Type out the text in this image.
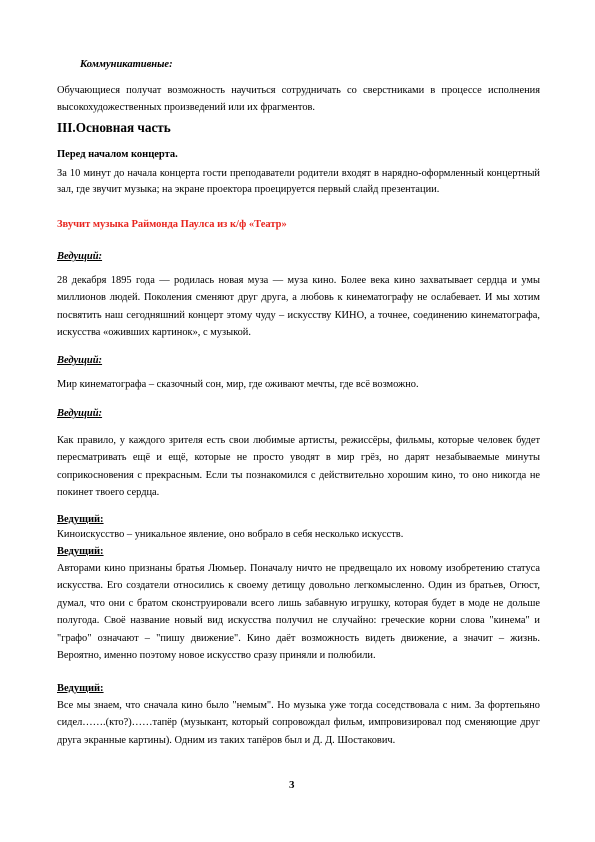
Коммуникативные:

Обучающиеся получат возможность научиться сотрудничать со сверстниками в процессе исполнения высокохудожественных произведений или их фрагментов.

III.Основная часть

Перед началом концерта.

За 10 минут до начала концерта гости преподаватели родители входят в нарядно-оформленный концертный зал, где звучит музыка; на экране проектора проецируется первый слайд презентации.

Звучит музыка Раймонда Паулса из к/ф «Театр»

Ведущий:

28 декабря 1895 года — родилась новая муза — муза кино. Более века кино захватывает сердца и умы миллионов людей. Поколения сменяют друг друга, а любовь к кинематографу не ослабевает. И мы хотим посвятить наш сегодняшний концерт этому чуду – искусству КИНО, а точнее, соединению кинематографа, искусства «ожившиx картинок», с музыкой.

Ведущий:

Мир кинематографа – сказочный сон, мир, где оживают мечты, где всё возможно.

Ведущий:

Как правило, у каждого зрителя есть свои любимые артисты, режиссёры, фильмы, которые человек будет пересматривать ещё и ещё, которые не просто уводят в мир грёз, но дарят незабываемые минуты соприкосновения с прекрасным. Если ты познакомился с действительно хорошим кино, то оно никогда не покинет твоего сердца.

Ведущий:

Киноискусство – уникальное явление, оно вобрало в себя несколько искусств.

Ведущий:

Авторами кино признаны братья Люмьер. Поначалу ничто не предвещало их новому изобретению статуса искусства. Его создатели относились к своему детищу довольно легкомысленно. Один из братьев, Огюст, думал, что они с братом сконструировали всего лишь забавную игрушку, которая будет в моде не дольше полугода. Своё название новый вид искусства получил не случайно: греческие корни слова "кинема" и "графо" означают – "пишу движение". Кино даёт возможность видеть движение, а значит – жизнь. Вероятно, именно поэтому новое искусство сразу приняли и полюбили.

Ведущий:

Все мы знаем, что сначала кино было "немым". Но музыка уже тогда соседствовала с ним. За фортепьяно сидел…….(кто?)……тапёр (музыкант, который сопровождал фильм, импровизировал под сменяющие друг друга экранные картины). Одним из таких тапёров был и Д. Д. Шостакович.

3
